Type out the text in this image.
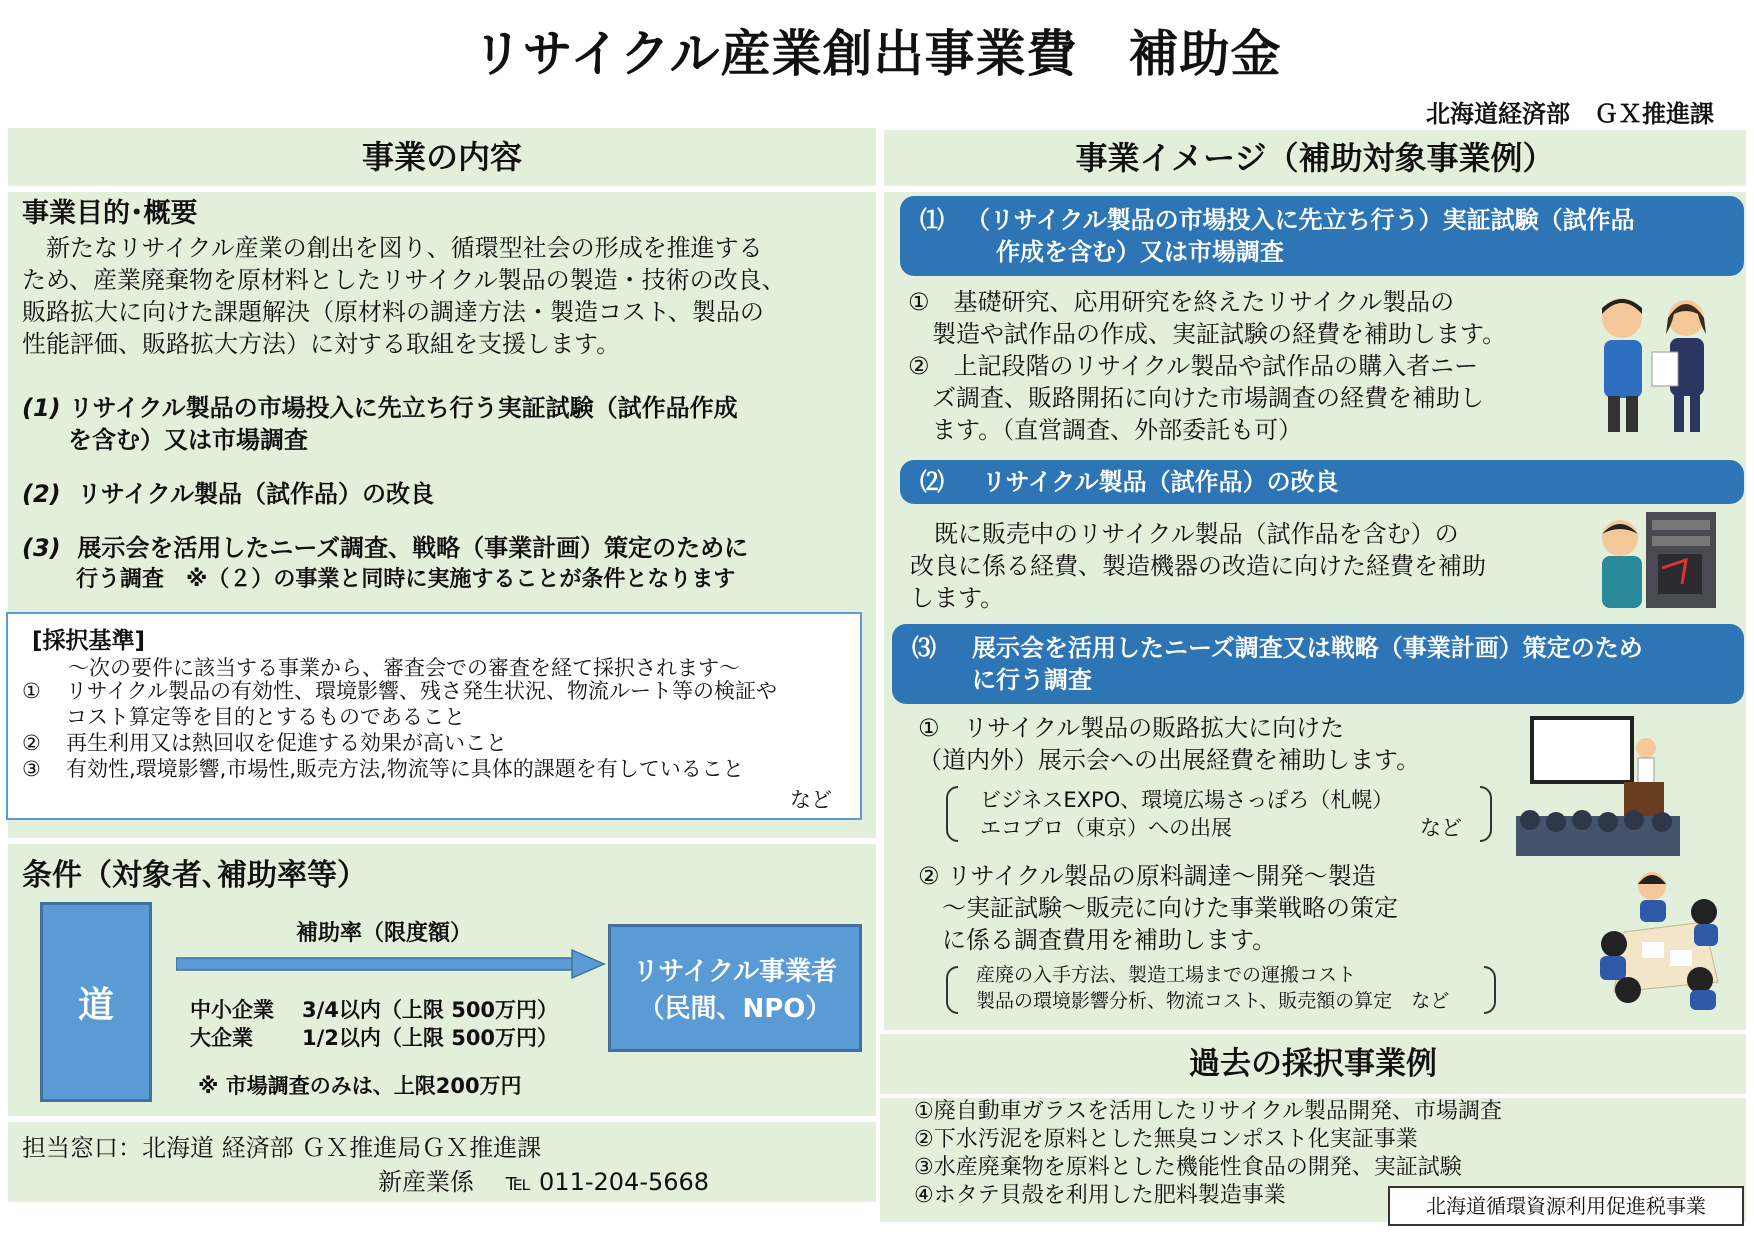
リサイクル産業創出事業費　補助金
北海道経済部　ＧＸ推進課
事業の内容
事業目的･概要
　新たなリサイクル産業の創出を図り、循環型社会の形成を推進する
ため、産業廃棄物を原材料としたリサイクル製品の製造・技術の改良、
販路拡大に向けた課題解決（原材料の調達方法・製造コスト、製品の
性能評価、販路拡大方法）に対する取組を支援します。
(1) リサイクル製品の市場投入に先立ち行う実証試験（試作品作成
を含む）又は市場調査
(2) リサイクル製品（試作品）の改良
(3) 展示会を活用したニーズ調査、戦略（事業計画）策定のために
行う調査　※（２）の事業と同時に実施することが条件となります
[採択基準]
～次の要件に該当する事業から、審査会での審査を経て採択されます～
①	リサイクル製品の有効性、環境影響、残さ発生状況、物流ルート等の検証や
コスト算定等を目的とするものであること
②	再生利用又は熱回収を促進する効果が高いこと
③	有効性,環境影響,市場性,販売方法,物流等に具体的課題を有していること
など
条件（対象者､補助率等）
道
補助率（限度額）
中小企業 3/4以内（上限 500万円）
大企業 1/2以内（上限 500万円）
※ 市場調査のみは、上限200万円
リサイクル事業者
（民間、NPO）
担当窓口：北海道 経済部 ＧＸ推進局ＧＸ推進課
新産業係　 ℡ 011-204-5668
事業イメージ（補助対象事業例）
⑴ （リサイクル製品の市場投入に先立ち行う）実証試験（試作品
作成を含む）又は市場調査
①　基礎研究、応用研究を終えたリサイクル製品の
　製造や試作品の作成、実証試験の経費を補助します。
②　上記段階のリサイクル製品や試作品の購入者ニー
　ズ調査、販路開拓に向けた市場調査の経費を補助し
　ます。（直営調査、外部委託も可）
⑵	リサイクル製品（試作品）の改良
　既に販売中のリサイクル製品（試作品を含む）の
改良に係る経費、製造機器の改造に向けた経費を補助
します。
⑶	展示会を活用したニーズ調査又は戦略（事業計画）策定のため
に行う調査
①　リサイクル製品の販路拡大に向けた
（道内外）展示会への出展経費を補助します。
ビジネスEXPO、環境広場さっぽろ（札幌）
エコプロ（東京）への出展	など
② リサイクル製品の原料調達～開発～製造
　～実証試験～販売に向けた事業戦略の策定
　に係る調査費用を補助します。
産廃の入手方法、製造工場までの運搬コスト
製品の環境影響分析、物流コスト、販売額の算定　など
過去の採択事業例
①廃自動車ガラスを活用したリサイクル製品開発、市場調査
②下水汚泥を原料とした無臭コンポスト化実証事業
③水産廃棄物を原料とした機能性食品の開発、実証試験
④ホタテ貝殻を利用した肥料製造事業	北海道循環資源利用促進税事業
